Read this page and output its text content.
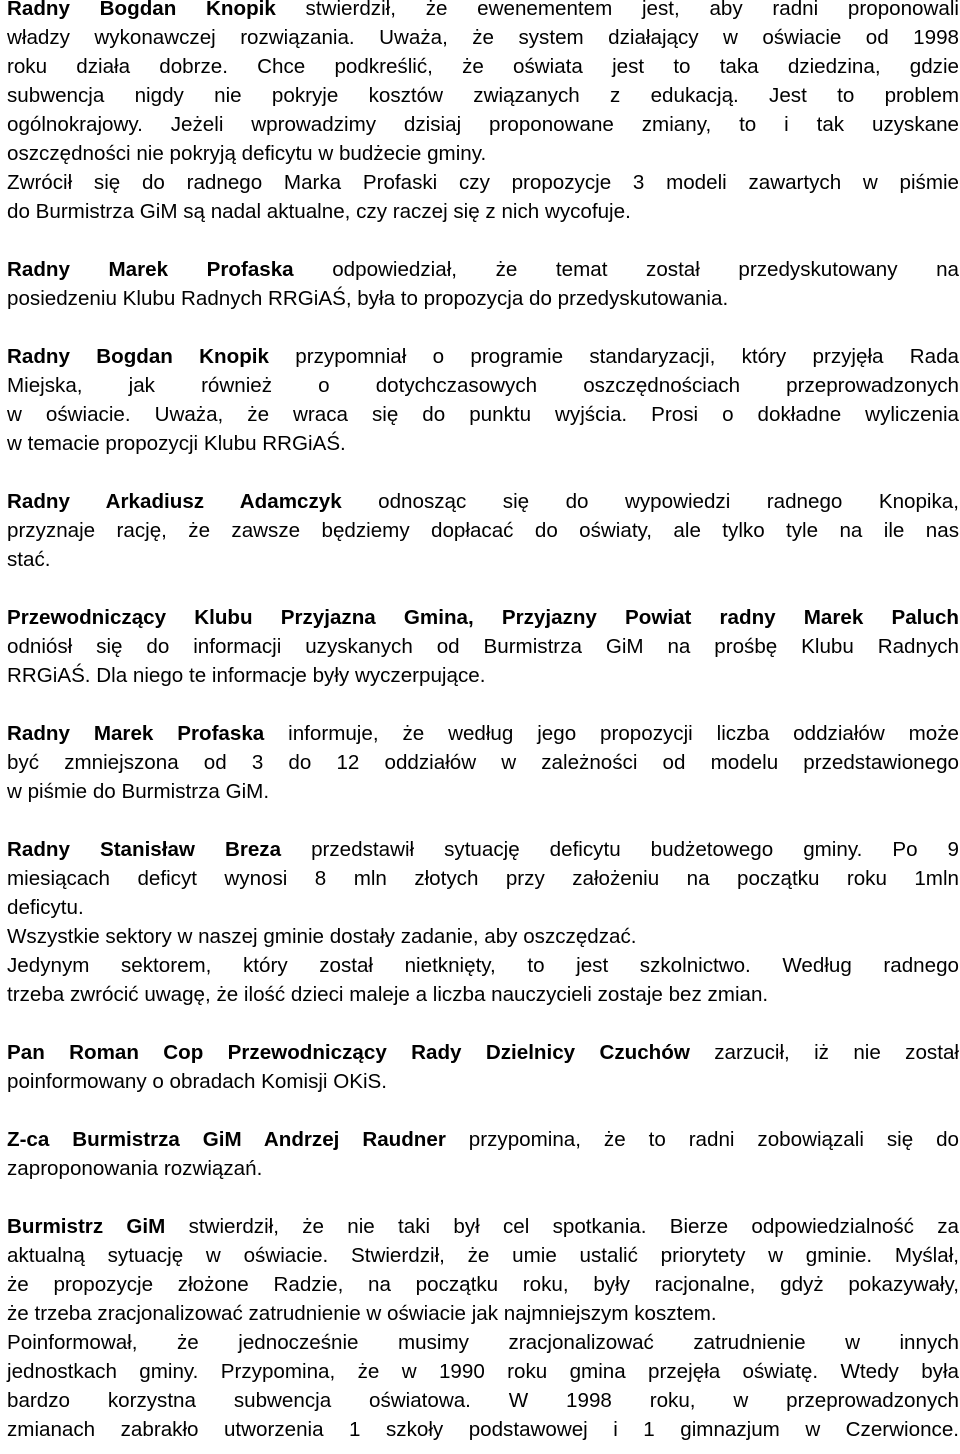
Radny Bogdan Knopik stwierdził, że ewenementem jest, aby radni proponowali
władzy wykonawczej rozwiązania. Uważa, że system działający w oświacie od 1998
roku działa dobrze. Chce podkreślić, że oświata jest to taka dziedzina, gdzie
subwencja nigdy nie pokryje kosztów związanych z edukacją. Jest to problem
ogólnokrajowy. Jeżeli wprowadzimy dzisiaj proponowane zmiany, to i tak uzyskane
oszczędności nie pokryją deficytu w budżecie gminy.
Zwrócił się do radnego Marka Profaski czy propozycje 3 modeli zawartych w piśmie
do Burmistrza GiM są nadal aktualne, czy raczej się z nich wycofuje.
Radny Marek Profaska odpowiedział, że temat został przedyskutowany na
posiedzeniu Klubu Radnych RRGiAŚ, była to propozycja do przedyskutowania.
Radny Bogdan Knopik przypomniał o programie standaryzacji, który przyjęła Rada
Miejska, jak również o dotychczasowych oszczędnościach przeprowadzonych
w oświacie. Uważa, że wraca się do punktu wyjścia. Prosi o dokładne wyliczenia
w temacie propozycji Klubu RRGiAŚ.
Radny Arkadiusz Adamczyk odnosząc się do wypowiedzi radnego Knopika,
przyznaje rację, że zawsze będziemy dopłacać do oświaty, ale tylko tyle na ile nas
stać.
Przewodniczący Klubu Przyjazna Gmina, Przyjazny Powiat radny Marek Paluch
odniósł się do informacji uzyskanych od Burmistrza GiM na prośbę Klubu Radnych
RRGiAŚ. Dla niego te informacje były wyczerpujące.
Radny Marek Profaska informuje, że według jego propozycji liczba oddziałów może
być zmniejszona od 3 do 12 oddziałów w zależności od modelu przedstawionego
w piśmie do Burmistrza GiM.
Radny Stanisław Breza przedstawił sytuację deficytu budżetowego gminy. Po 9
miesiącach deficyt wynosi 8 mln złotych przy założeniu na początku roku 1mln
deficytu.
Wszystkie sektory w naszej gminie dostały zadanie, aby oszczędzać.
Jedynym sektorem, który został nietknięty, to jest szkolnictwo. Według radnego
trzeba zwrócić uwagę, że ilość dzieci maleje a liczba nauczycieli zostaje bez zmian.
Pan Roman Cop Przewodniczący Rady Dzielnicy Czuchów zarzucił, iż nie został
poinformowany o obradach Komisji OKiS.
Z-ca Burmistrza GiM Andrzej Raudner przypomina, że to radni zobowiązali się do
zaproponowania rozwiązań.
Burmistrz GiM stwierdził, że nie taki był cel spotkania. Bierze odpowiedzialność za
aktualną sytuację w oświacie. Stwierdził, że umie ustalić priorytety w gminie. Myślał,
że propozycje złożone Radzie, na początku roku, były racjonalne, gdyż pokazywały,
że trzeba zracjonalizować zatrudnienie w oświacie jak najmniejszym kosztem.
Poinformował, że jednocześnie musimy zracjonalizować zatrudnienie w innych
jednostkach gminy. Przypomina, że w 1990 roku gmina przejęła oświatę. Wtedy była
bardzo korzystna subwencja oświatowa. W 1998 roku, w przeprowadzonych
zmianach zabrakło utworzenia 1 szkoły podstawowej i 1 gimnazjum w Czerwionce.
